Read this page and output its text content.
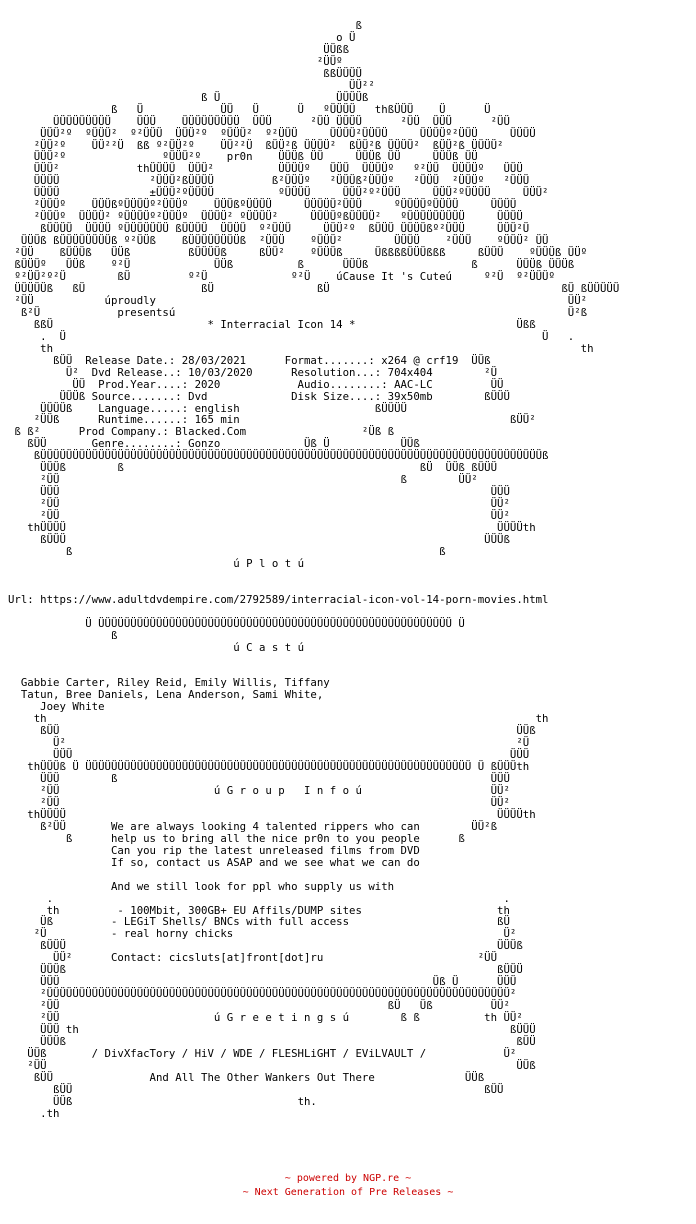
ß
o Ü
ÜÜßß
²ÜÜº
ßßÜÜÜÜ
ÜÜ²²
ß Ü                  ÜÜÜÜß
ß   Ü            ÜÜ   Ü      Ü   ºÜÜÜÜ   thßÜÜÜ    Ü      Ü
ÜÜÜÜÜÜÜÜÜ    ÜÜÜ    ÜÜÜÜÜÜÜÜÜ  ÜÜÜ      ²ÜÜ ÜÜÜÜ      ²ÜÜ  ÜÜÜ      ²ÜÜ
ÜÜÜ²º  ºÜÜÜ²  º²ÜÜÜ  ÜÜÜ²º  ºÜÜÜ²  º²ÜÜÜ     ÜÜÜÜ²ÜÜÜÜ     ÜÜÜÜº²ÜÜÜ     ÜÜÜÜ
²ÜÜ²º    ÜÜ²²Ü  ßß º²ÜÜ²º    ÜÜ²²Ü  ßÜÜ²ß ÜÜÜÜ²  ßÜÜ²ß ÜÜÜÜ²  ßÜÜ²ß ÜÜÜÜ²
ÜÜÜ²º               ºÜÜÜ²º    pr0n    ÜÜÜß ÜÜ     ÜÜÜß ÜÜ     ÜÜÜß ÜÜ
ÜÜÜ²            thÜÜÜÜ  ÜÜÜ²          ÜÜÜÜº   ÜÜÜ  ÜÜÜÜº   º²ÜÜ  ÜÜÜÜº   ÜÜÜ
ÜÜÜÜ              ²ÜÜÜ²ßÜÜÜÜ         ß²ÜÜÜº   ²ÜÜÜß²ÜÜÜº   ²ÜÜÜ  ²ÜÜÜº   ²ÜÜÜ
ÜÜÜÜ              ±ÜÜÜ²ºÜÜÜÜ          ºÜÜÜÜ     ÜÜÜ²º²ÜÜÜ     ÜÜÜ²ºÜÜÜÜ     ÜÜÜ²
²ÜÜÜº    ÜÜÜßºÜÜÜÜº²ÜÜÜº    ÜÜÜßºÜÜÜÜ     ÜÜÜÜÜ²ÜÜÜ     ºÜÜÜÜºÜÜÜÜ     ÜÜÜÜ
²ÜÜÜº  ÜÜÜÜ² ºÜÜÜÜº²ÜÜÜº  ÜÜÜÜ² ºÜÜÜÜ²     ÜÜÜÜºßÜÜÜÜ²   ºÜÜÜÜÜÜÜÜÜ     ÜÜÜÜ
ßÜÜÜÜ  ÜÜÜÜ ºÜÜÜÜÜÜÜ ßÜÜÜÜ  ÜÜÜÜ  º²ÜÜÜ     ÜÜÜ²º  ßÜÜÜ ÜÜÜÜßº²ÜÜÜ     ÜÜÜ²Ü
ÜÜÜß ßÜÜÜÜÜÜÜÜß º²ÜÜß    ßÜÜÜÜÜÜÜÜß  ²ÜÜÜ    ºÜÜÜ²        ÜÜÜÜ    ²ÜÜÜ    ºÜÜÜ² ÜÜ
²ÜÜ    ßÜÜÜß   ÜÜß         ßÜÜÜÜß     ßÜÜ²    ºÜÜÜß     ÜßßßßÜÜÜßßß     ßÜÜÜ    ºÜÜÜß ÜÜº
ßÜÜÜº   ÜÜß    º²Ü             ÜÜß          ß      ÜÜÜß                ß      ÜÜÜß ÜÜÜß
º²ÜÜ²º²Ü        ßÜ         º²Ü             º²Ü    úCause It 's Cuteú     º²Ü  º²ÜÜÜº
ÜÜÜÜÜß   ßÜ                  ßÜ                ßÜ                                    ßÜ ßÜÜÜÜÜ
²ÜÜ           úproudly                                                                ÜÜ²
ß²Ü            presentsú                                                             Ü²ß
ßßÜ                        * Interracial Icon 14 *                         Üßß
.  Ü                                                                          Ü   .
th                                                                                  th
ßÜÜ  Release Date.: 28/03/2021      Format.......: x264 @ crf19  ÜÜß
Ü²  Dvd Release..: 10/03/2020      Resolution...: 704x404        ²Ü
ÜÜ  Prod.Year....: 2020            Audio........: AAC-LC         ÜÜ
ÜÜÜß Source.......: Dvd             Disk Size....: 39x50mb        ßÜÜÜ
ÜÜÜÜß    Language.....: english                     ßÜÜÜÜ
²ÜÜß      Runtime......: 165 min                                          ßÜÜ²
ß ß²      Prod Company.: Blacked.Com                  ²Üß ß
ßÜÜ       Genre........: Gonzo             Üß Ü           ÜÜß
ßÜÜÜÜÜÜÜÜÜÜÜÜÜÜÜÜÜÜÜÜÜÜÜÜÜÜÜÜÜÜÜÜÜÜÜÜÜÜÜÜÜÜÜÜÜÜÜÜÜÜÜÜÜÜÜÜÜÜÜÜÜÜÜÜÜÜÜÜÜÜÜÜÜÜÜÜÜÜß
ÜÜÜß        ß                                              ßÜ  ÜÜß ßÜÜÜ
²ÜÜ                                                     ß        ÜÜ²
ÜÜÜ                                                                   ÜÜÜ
²ÜÜ                                                                   ÜÜ²
²ÜÜ                                                                   ÜÜ²
thÜÜÜÜ                                                                   ÜÜÜÜth
ßÜÜÜ                                                                 ÜÜÜß
ß                                                         ß
ú P l o t ú

Url: https://www.adultdvdempire.com/2792589/interracial-icon-vol-14-porn-movies.html

Ü ÜÜÜÜÜÜÜÜÜÜÜÜÜÜÜÜÜÜÜÜÜÜÜÜÜÜÜÜÜÜÜÜÜÜÜÜÜÜÜÜÜÜÜÜÜÜÜÜÜÜÜÜÜÜÜ Ü
ß
ú C a s t ú

Gabbie Carter, Riley Reid, Emily Willis, Tiffany
Tatun, Bree Daniels, Lena Anderson, Sami White,
Joey White
th                                                                            th
ßÜÜ                                                                       ÜÜß
Ü²                                                                      ²Ü
ÜÜÜ                                                                    ÜÜÜ
thÜÜÜß Ü ÜÜÜÜÜÜÜÜÜÜÜÜÜÜÜÜÜÜÜÜÜÜÜÜÜÜÜÜÜÜÜÜÜÜÜÜÜÜÜÜÜÜÜÜÜÜÜÜÜÜÜÜÜÜÜÜÜÜÜÜ Ü ßÜÜÜth
ÜÜÜ        ß                                                          ÜÜÜ
²ÜÜ	ú G r o u p   I n f o ú	ÜÜ²
²ÜÜ                                                                   ÜÜ²
thÜÜÜÜ                                                                   ÜÜÜÜth
ß²ÜÜ       We are always looking 4 talented rippers who can        ÜÜ²ß
ß      help us to bring all the nice pr0n to you people      ß
Can you rip the latest unreleased films from DVD
If so, contact us ASAP and we see what we can do

And we still look for ppl who supply us with
.                                                                      .
th         - 100Mbit, 300GB+ EU Affils/DUMP sites                     th
Üß         - LEGiT Shells/ BNCs with full access                       ßÜ
²Ü          - real horny chicks                                          Ü²
ßÜÜÜ                                                                   ÜÜÜß
ÜÜ²      Contact: cicsluts[at]front[dot]ru                        ²ÜÜ
ÜÜÜß                                                                   ßÜÜÜ
ÜÜÜ                                                          Üß Ü      ÜÜÜ
²ÜÜÜÜÜÜÜÜÜÜÜÜÜÜÜÜÜÜÜÜÜÜÜÜÜÜÜÜÜÜÜÜÜÜÜÜÜÜÜÜÜÜÜÜÜÜÜÜÜÜÜÜÜÜÜÜÜÜÜÜÜÜÜÜÜÜÜÜÜÜÜÜ²
²ÜÜ                                                   ßÜ   Üß         ÜÜ²
²ÜÜ	ú G r e e t i n g s ú	ß ß          th ÜÜ²
ÜÜÜ th                                                                   ßÜÜÜ
ÜÜÜß                                                                      ßÜÜ
ÜÜß       / DivXfacTory / HiV / WDE / FLESHLiGHT / EViLVAULT /            Ü²
²ÜÜ                                                                         ÜÜß
ßÜÜ               And All The Other Wankers Out There              ÜÜß
ßÜÜ                                                                ßÜÜ
ÜÜß	th.
.th
~ powered by NGP.re ~
~ Next Generation of Pre Releases ~
